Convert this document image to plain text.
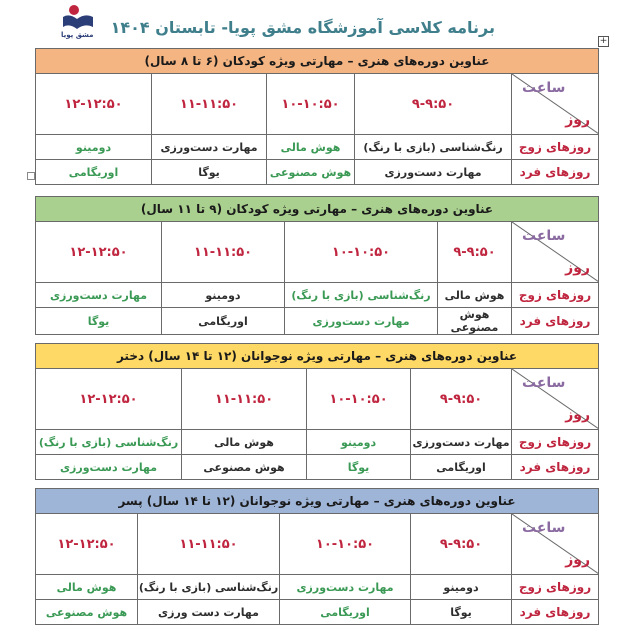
مشق پویا برنامه کلاسی آموزشگاه مشق پویا- تابستان ۱۴۰۴
+
عناوین دوره‌های هنری – مهارتی ویژه کودکان (۶ تا ۸ سال)				

ساعت
روز	۹-۹:۵۰	۱۰-۱۰:۵۰	۱۱-۱۱:۵۰	۱۲-۱۲:۵۰
روزهای زوج	رنگ‌شناسی (بازی با رنگ)	هوش مالی	مهارت دست‌ورزی	دومینو
روزهای فرد	مهارت دست‌ورزی	هوش مصنوعی	یوگا	اوریگامی
عناوین دوره‌های هنری – مهارتی ویژه کودکان (۹ تا ۱۱ سال)				

ساعت
روز	۹-۹:۵۰	۱۰-۱۰:۵۰	۱۱-۱۱:۵۰	۱۲-۱۲:۵۰
روزهای زوج	هوش مالی	رنگ‌شناسی (بازی با رنگ)	دومینو	مهارت دست‌ورزی
روزهای فرد	هوش مصنوعی	مهارت دست‌ورزی	اوریگامی	یوگا
عناوین دوره‌های هنری – مهارتی ویژه نوجوانان (۱۲ تا ۱۴ سال) دختر				

ساعت
روز	۹-۹:۵۰	۱۰-۱۰:۵۰	۱۱-۱۱:۵۰	۱۲-۱۲:۵۰
روزهای زوج	مهارت دست‌ورزی	دومینو	هوش مالی	رنگ‌شناسی (بازی با رنگ)
روزهای فرد	اوریگامی	یوگا	هوش مصنوعی	مهارت دست‌ورزی
عناوین دوره‌های هنری – مهارتی ویژه نوجوانان (۱۲ تا ۱۴ سال) پسر				

ساعت
روز	۹-۹:۵۰	۱۰-۱۰:۵۰	۱۱-۱۱:۵۰	۱۲-۱۲:۵۰
روزهای زوج	دومینو	مهارت دست‌ورزی	رنگ‌شناسی (بازی با رنگ)	هوش مالی
روزهای فرد	یوگا	اوریگامی	مهارت دست ورزی	هوش مصنوعی
